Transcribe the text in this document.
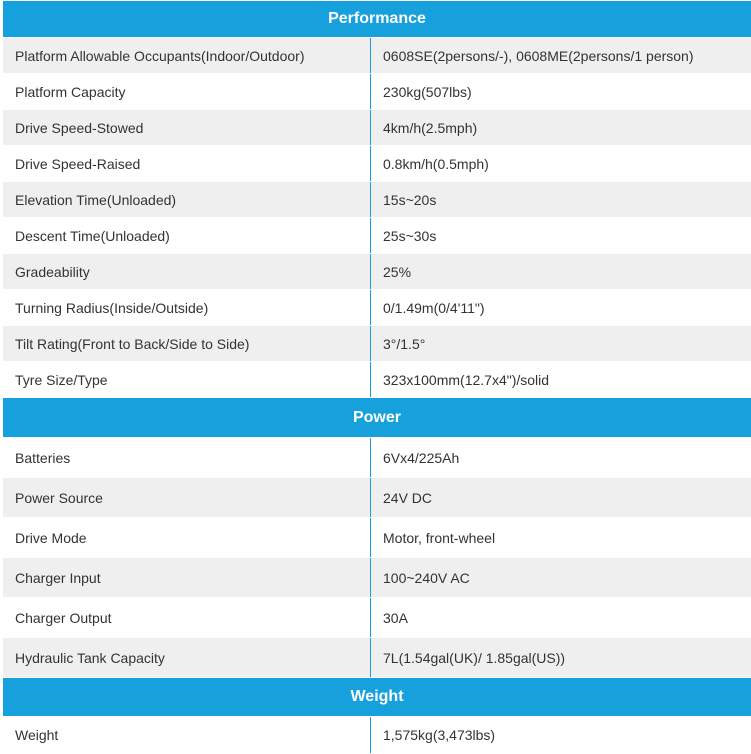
Performance
Platform Allowable Occupants(Indoor/Outdoor)	0608SE(2persons/-), 0608ME(2persons/1 person)
Platform Capacity	230kg(507lbs)
Drive Speed-Stowed	4km/h(2.5mph)
Drive Speed-Raised	0.8km/h(0.5mph)
Elevation Time(Unloaded)	15s~20s
Descent Time(Unloaded)	25s~30s
Gradeability	25%
Turning Radius(Inside/Outside)	0/1.49m(0/4'11")
Tilt Rating(Front to Back/Side to Side)	3°/1.5°
Tyre Size/Type	323x100mm(12.7x4")/solid
Power
Batteries	6Vx4/225Ah
Power Source	24V DC
Drive Mode	Motor, front-wheel
Charger Input	100~240V AC
Charger Output	30A
Hydraulic Tank Capacity	7L(1.54gal(UK)/ 1.85gal(US))
Weight
Weight	1,575kg(3,473lbs)
